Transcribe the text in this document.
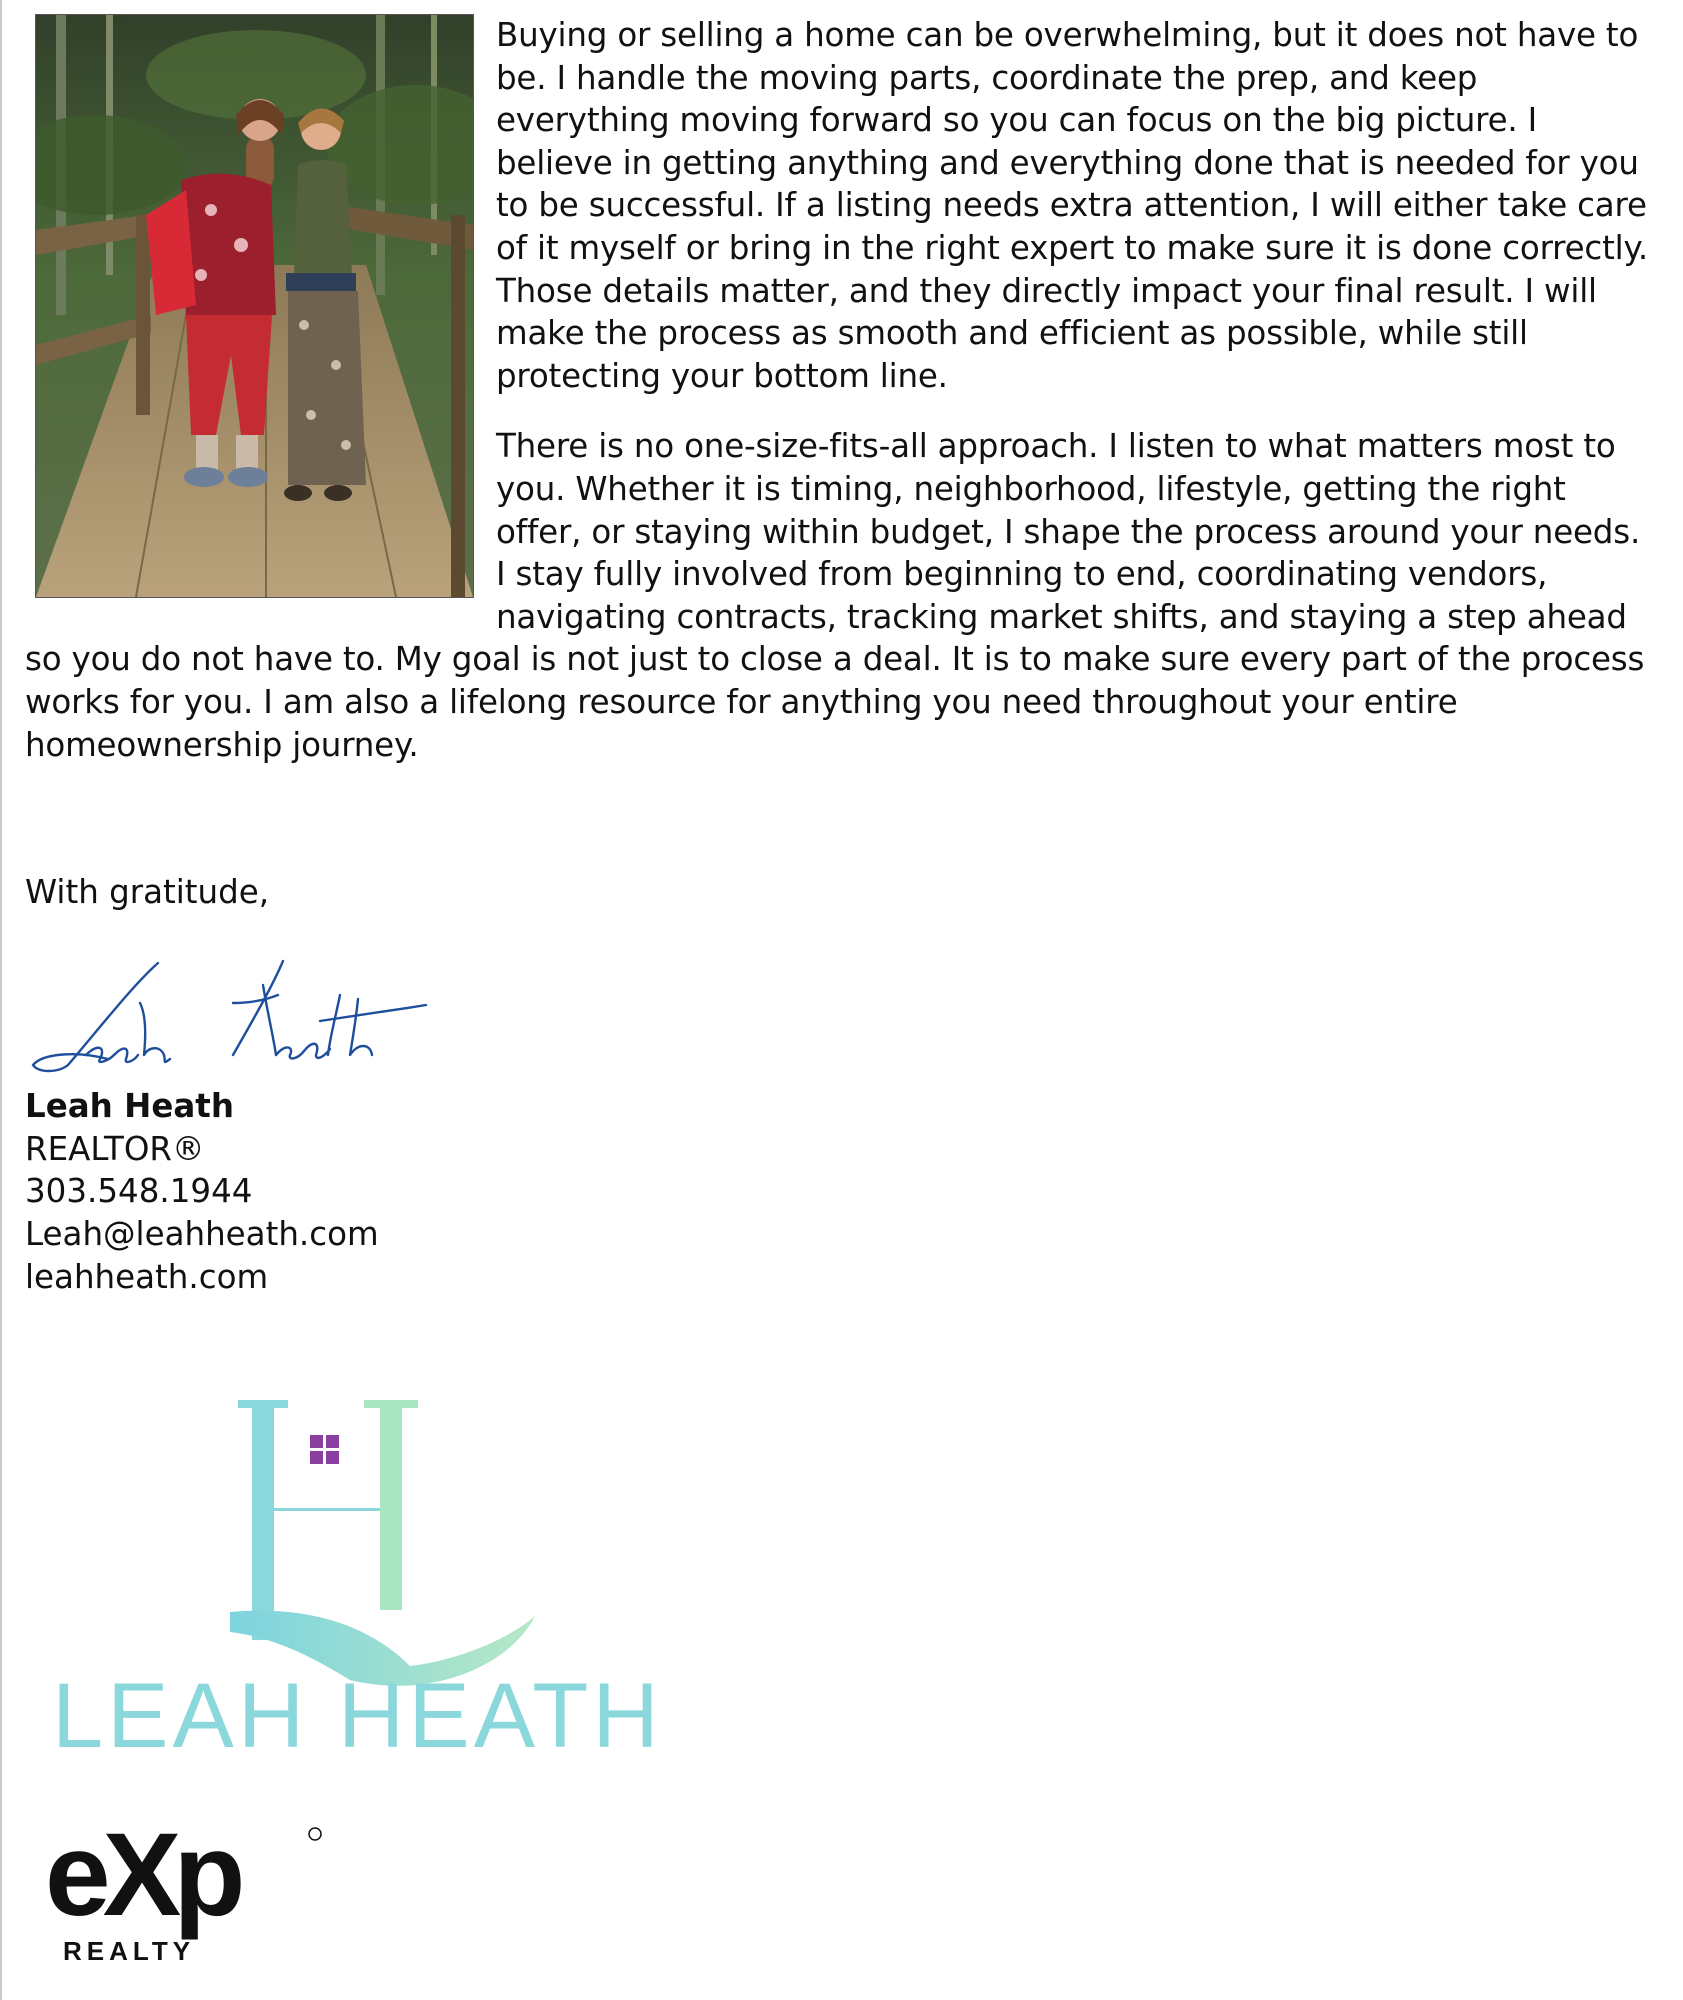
Buying or selling a home can be overwhelming, but it does not have to be. I handle the moving parts, coordinate the prep, and keep everything moving forward so you can focus on the big picture. I believe in getting anything and everything done that is needed for you to be successful. If a listing needs extra attention, I will either take care of it myself or bring in the right expert to make sure it is done correctly. Those details matter, and they directly impact your final result. I will make the process as smooth and efficient as possible, while still protecting your bottom line.

There is no one-size-fits-all approach. I listen to what matters most to you. Whether it is timing, neighborhood, lifestyle, getting the right offer, or staying within budget, I shape the process around your needs. I stay fully involved from beginning to end, coordinating vendors, navigating contracts, tracking market shifts, and staying a step ahead so you do not have to. My goal is not just to close a deal. It is to make sure every part of the process works for you. I am also a lifelong resource for anything you need throughout your entire homeownership journey.

With gratitude,

Leah Heath
REALTOR®
303.548.1944
Leah@leahheath.com
leahheath.com
LEAH HEATH
eXp
REALTY
